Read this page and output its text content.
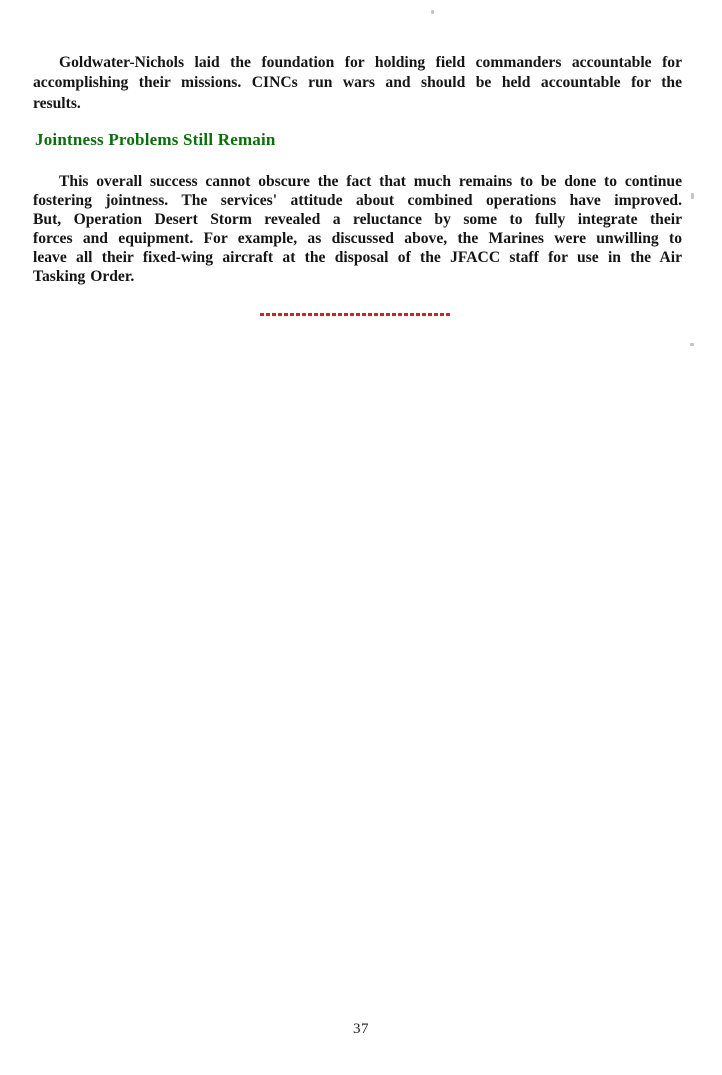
Goldwater-Nichols laid the foundation for holding field commanders accountable for
accomplishing their missions. CINCs run wars and should be held accountable for the
results.
Jointness Problems Still Remain
This overall success cannot obscure the fact that much remains to be done to continue
fostering jointness. The services' attitude about combined operations have improved.
But, Operation Desert Storm revealed a reluctance by some to fully integrate their
forces and equipment. For example, as discussed above, the Marines were unwilling to
leave all their fixed-wing aircraft at the disposal of the JFACC staff for use in the Air
Tasking Order.
37
